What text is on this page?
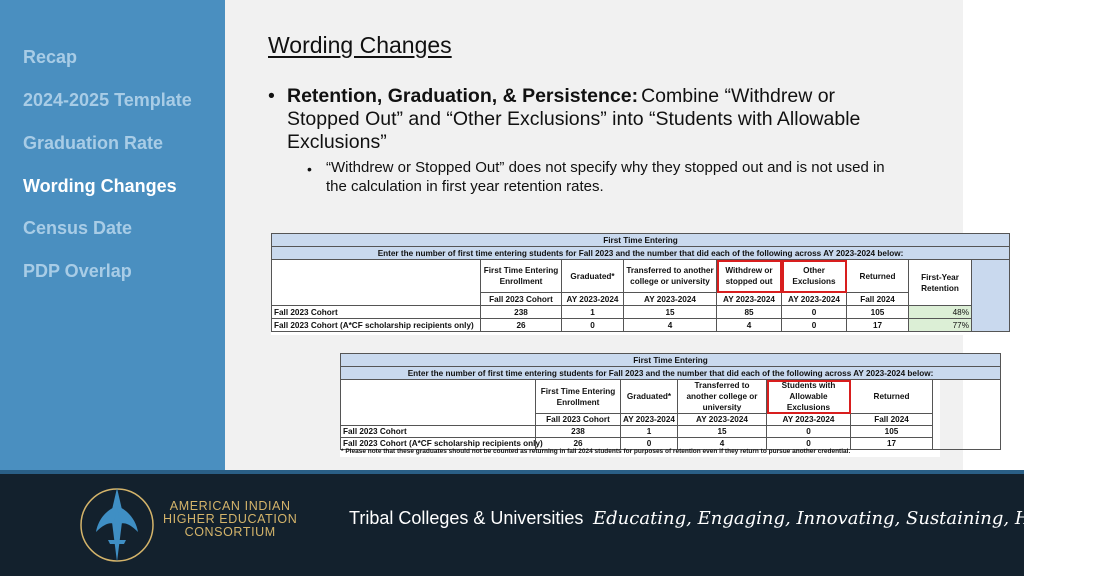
Recap
2024-2025 Template
Graduation Rate
Wording Changes
Census Date
PDP Overlap
Wording Changes
• Retention, Graduation, & Persistence: Combine “Withdrew or Stopped Out” and “Other Exclusions” into “Students with Allowable Exclusions”
• “Withdrew or Stopped Out” does not specify why they stopped out and is not used in the calculation in first year retention rates.
First Time Entering								
Enter the number of first time entering students for Fall 2023 and the number that did each of the following across AY 2023-2024 below:								
	First Time Entering Enrollment	Graduated*	Transferred to another college or university	Withdrew or stopped out	Other Exclusions	Returned	First-Year Retention	
	Fall 2023 Cohort	AY 2023-2024	AY 2023-2024	AY 2023-2024	AY 2023-2024	Fall 2024		
Fall 2023 Cohort	238	1	15	85	0	105	48%	
Fall 2023 Cohort (A*CF scholarship recipients only)	26	0	4	4	0	17	77%	
First Time Entering						
Enter the number of first time entering students for Fall 2023 and the number that did each of the following across AY 2023-2024 below:						
	First Time Entering Enrollment	Graduated*	Transferred to another college or university	Students with Allowable Exclusions	Returned	
	Fall 2023 Cohort	AY 2023-2024	AY 2023-2024	AY 2023-2024	Fall 2024	
Fall 2023 Cohort	238	1	15	0	105	
Fall 2023 Cohort (A*CF scholarship recipients only)	26	0	4	0	17	
* Please note that these graduates should not be counted as returning in fall 2024 students for purposes of retention even if they return to pursue another credential.
AMERICAN INDIAN
HIGHER EDUCATION
CONSORTIUM
Tribal Colleges & Universities Educating, Engaging, Innovating, Sustaining, Honoring
